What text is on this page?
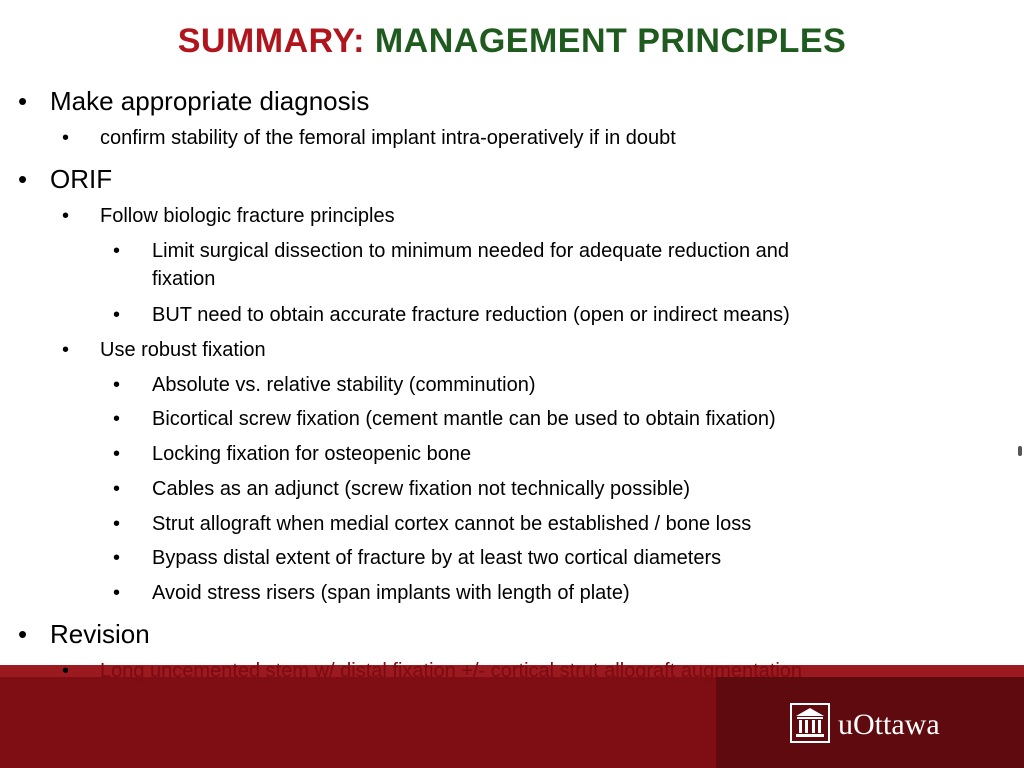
SUMMARY: MANAGEMENT PRINCIPLES
uOttawa
• Make appropriate diagnosis
• confirm stability of the femoral implant intra-operatively if in doubt
• ORIF
• Follow biologic fracture principles
• Limit surgical dissection to minimum needed for adequate reduction and
fixation
• BUT need to obtain accurate fracture reduction (open or indirect means)
• Use robust fixation
• Absolute vs. relative stability (comminution)
• Bicortical screw fixation (cement mantle can be used to obtain fixation)
• Locking fixation for osteopenic bone
• Cables as an adjunct (screw fixation not technically possible)
• Strut allograft when medial cortex cannot be established / bone loss
• Bypass distal extent of fracture by at least two cortical diameters
• Avoid stress risers (span implants with length of plate)
• Revision
• Long uncemented stem w/ distal fixation +/- cortical strut allograft augmentation
